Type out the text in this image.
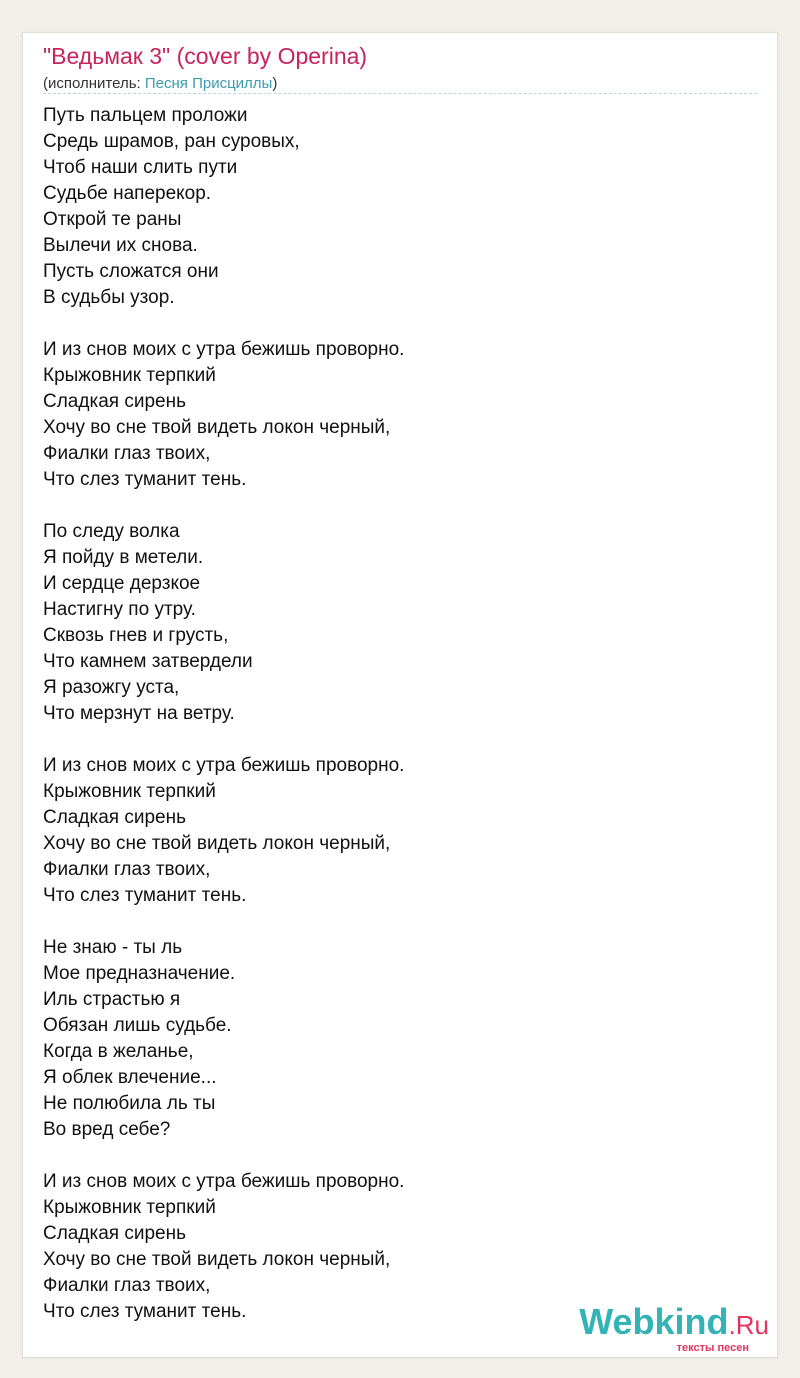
"Ведьмак 3" (cover by Operina)
(исполнитель: Песня Присциллы)
Путь пальцем проложи
Средь шрамов, ран суровых,
Чтоб наши слить пути
Судьбе наперекор.
Открой те раны
Вылечи их снова.
Пусть сложатся они
В судьбы узор.
И из снов моих с утра бежишь проворно.
Крыжовник терпкий
Сладкая сирень
Хочу во сне твой видеть локон черный,
Фиалки глаз твоих,
Что слез туманит тень.
По следу волка
Я пойду в метели.
И сердце дерзкое
Настигну по утру.
Сквозь гнев и грусть,
Что камнем затвердели
Я разожгу уста,
Что мерзнут на ветру.
И из снов моих с утра бежишь проворно.
Крыжовник терпкий
Сладкая сирень
Хочу во сне твой видеть локон черный,
Фиалки глаз твоих,
Что слез туманит тень.
Не знаю - ты ль
Мое предназначение.
Иль страстью я
Обязан лишь судьбе.
Когда в желанье,
Я облек влечение...
Не полюбила ль ты
Во вред себе?
И из снов моих с утра бежишь проворно.
Крыжовник терпкий
Сладкая сирень
Хочу во сне твой видеть локон черный,
Фиалки глаз твоих,
Что слез туманит тень.	Webkind.Ru
тексты песен
